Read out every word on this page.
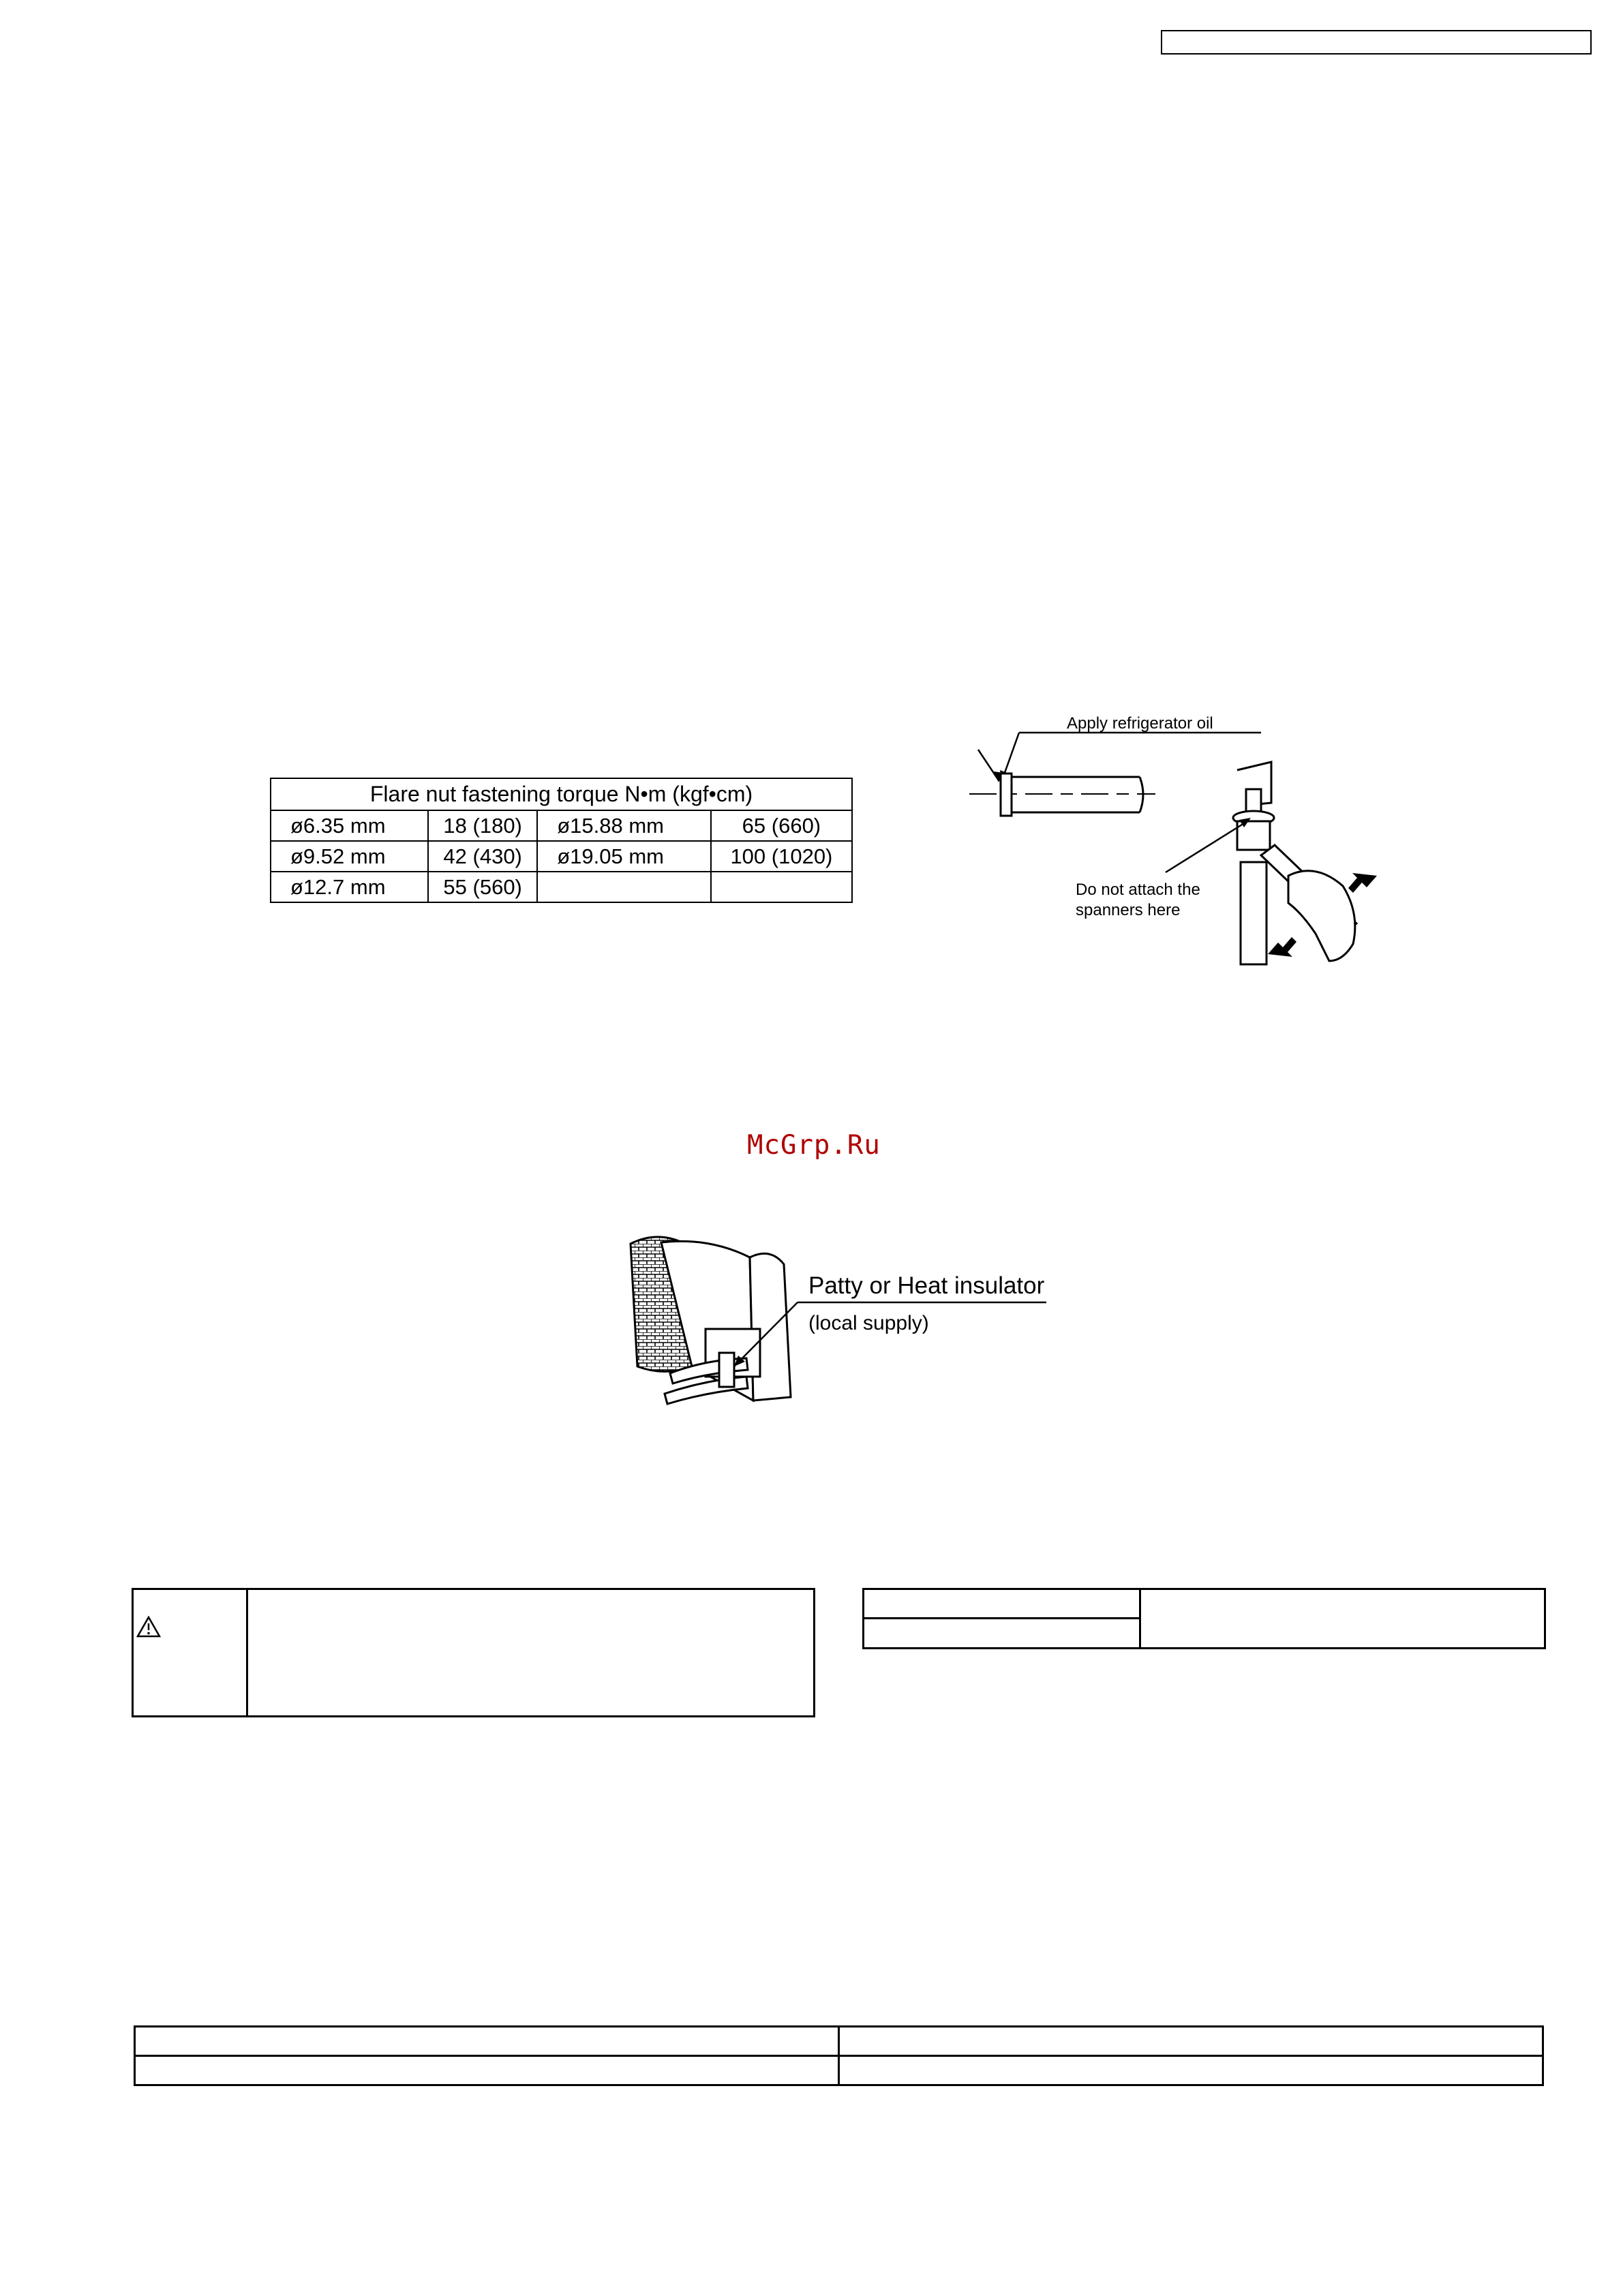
Flare nut fastening torque N•m (kgf•cm)			
ø6.35 mm	18 (180)	ø15.88 mm	65 (660)
ø9.52 mm	42 (430)	ø19.05 mm	100 (1020)
ø12.7 mm	55 (560)		
Apply refrigerator oil
Do not attach the
spanners here
McGrp.Ru
Patty or Heat insulator
(local supply)
